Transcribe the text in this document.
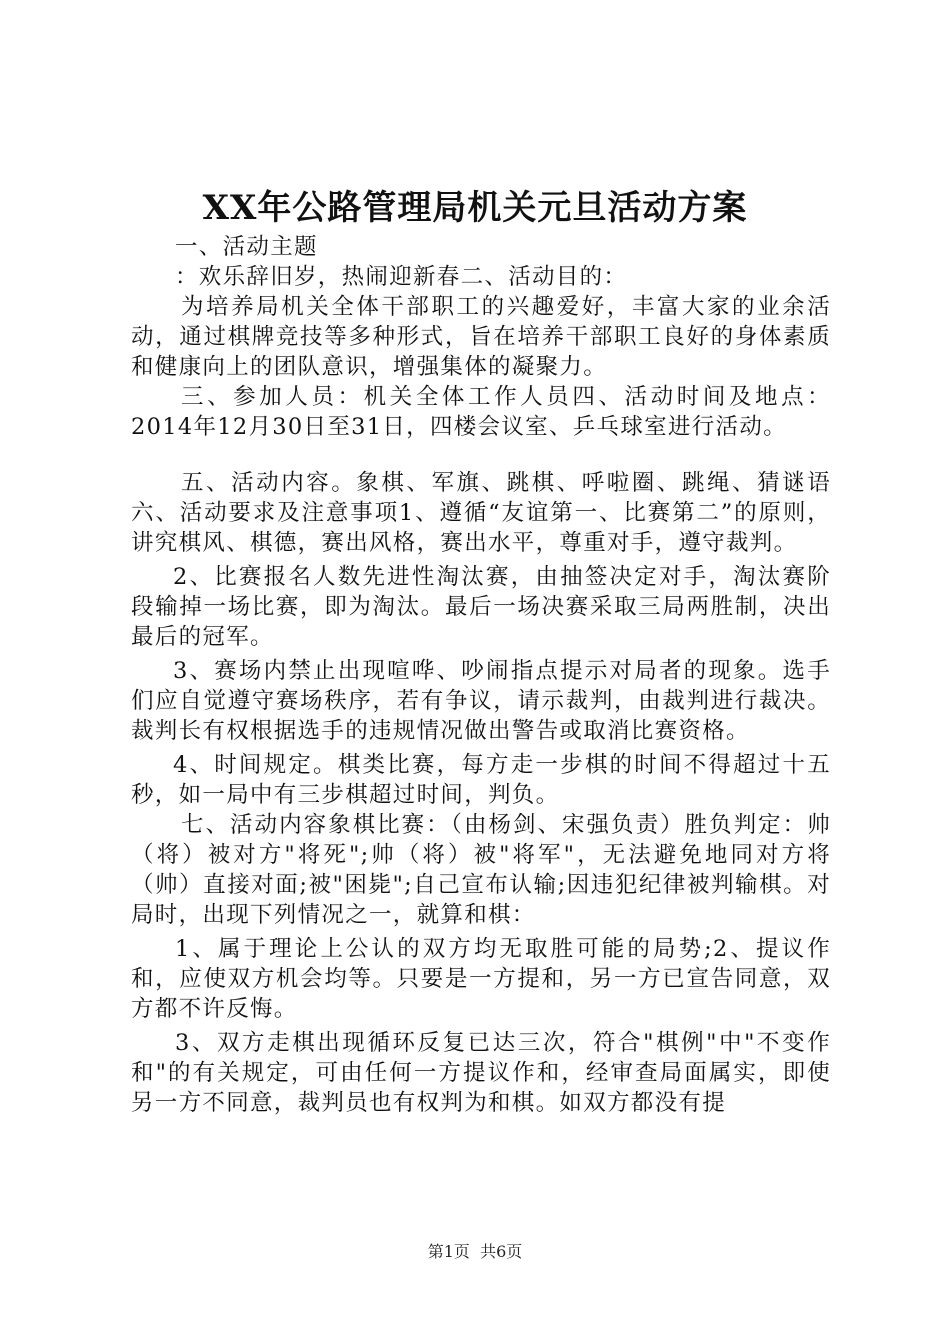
XX年公路管理局机关元旦活动方案

一、活动主题

：欢乐辞旧岁，热闹迎新春二、活动目的：

为培养局机关全体干部职工的兴趣爱好，丰富大家的业余活动，通过棋牌竞技等多种形式，旨在培养干部职工良好的身体素质和健康向上的团队意识，增强集体的凝聚力。

三、参加人员：机关全体工作人员四、活动时间及地点：2014年12月30日至31日，四楼会议室、乒乓球室进行活动。

五、活动内容。象棋、军旗、跳棋、呼啦圈、跳绳、猜谜语六、活动要求及注意事项1、遵循“友谊第一、比赛第二”的原则，讲究棋风、棋德，赛出风格，赛出水平，尊重对手，遵守裁判。

2、比赛报名人数先进性淘汰赛，由抽签决定对手，淘汰赛阶段输掉一场比赛，即为淘汰。最后一场决赛采取三局两胜制，决出最后的冠军。

3、赛场内禁止出现喧哗、吵闹指点提示对局者的现象。选手们应自觉遵守赛场秩序，若有争议，请示裁判，由裁判进行裁决。裁判长有权根据选手的违规情况做出警告或取消比赛资格。

4、时间规定。棋类比赛，每方走一步棋的时间不得超过十五秒，如一局中有三步棋超过时间，判负。

七、活动内容象棋比赛：（由杨剑、宋强负责）胜负判定：帅（将）被对方"将死";帅（将）被"将军"，无法避免地同对方将（帅）直接对面;被"困毙";自己宣布认输;因违犯纪律被判输棋。对局时，出现下列情况之一，就算和棋：

1、属于理论上公认的双方均无取胜可能的局势;2、提议作和，应使双方机会均等。只要是一方提和，另一方已宣告同意，双方都不许反悔。

3、双方走棋出现循环反复已达三次，符合"棋例"中"不变作和"的有关规定，可由任何一方提议作和，经审查局面属实，即使另一方不同意，裁判员也有权判为和棋。如双方都没有提

第1页  共6页
